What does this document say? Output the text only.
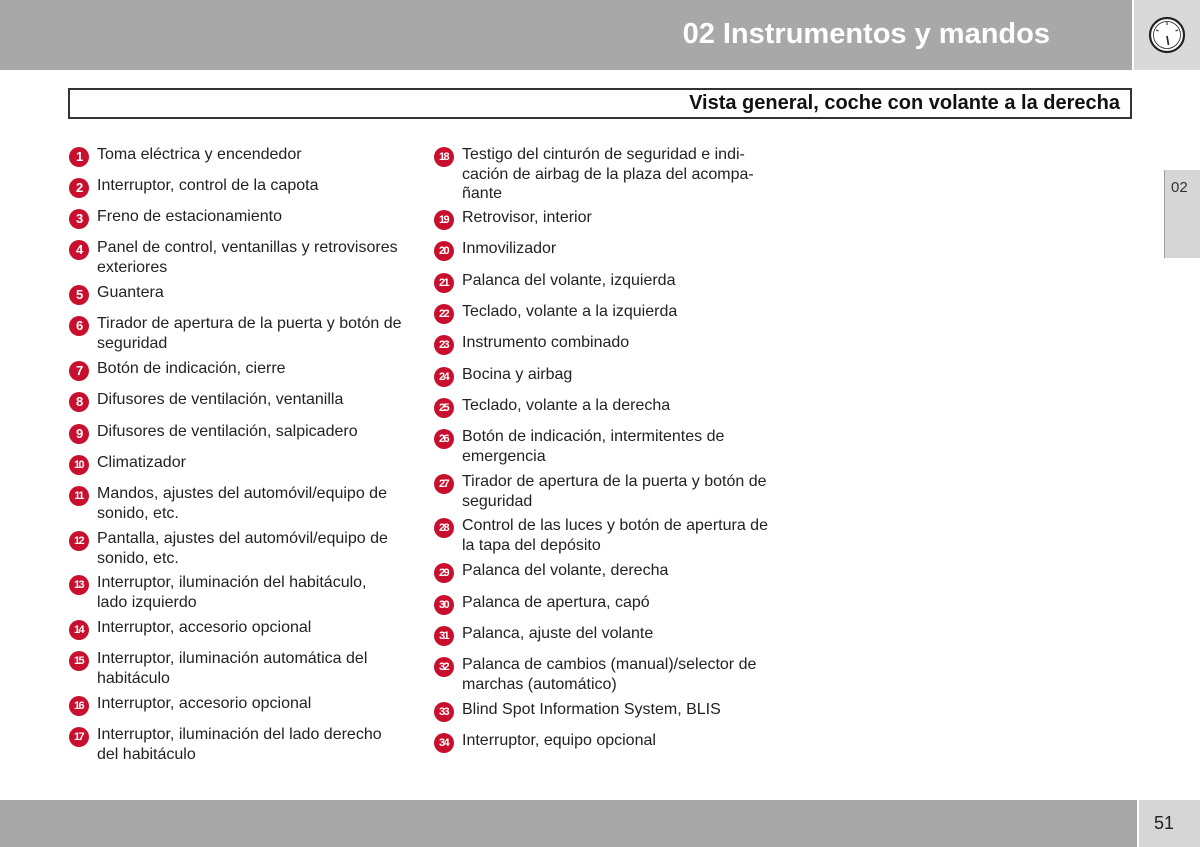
02 Instrumentos y mandos
Vista general, coche con volante a la derecha
02
1 Toma eléctrica y encendedor
2 Interruptor, control de la capota
3 Freno de estacionamiento
4 Panel de control, ventanillas y retrovisores
exteriores
5 Guantera
6 Tirador de apertura de la puerta y botón de
seguridad
7 Botón de indicación, cierre
8 Difusores de ventilación, ventanilla
9 Difusores de ventilación, salpicadero
10 Climatizador
11 Mandos, ajustes del automóvil/equipo de
sonido, etc.
12 Pantalla, ajustes del automóvil/equipo de
sonido, etc.
13 Interruptor, iluminación del habitáculo,
lado izquierdo
14 Interruptor, accesorio opcional
15 Interruptor, iluminación automática del
habitáculo
16 Interruptor, accesorio opcional
17 Interruptor, iluminación del lado derecho
del habitáculo
18 Testigo del cinturón de seguridad e indi-
cación de airbag de la plaza del acompa-
ñante
19 Retrovisor, interior
20 Inmovilizador
21 Palanca del volante, izquierda
22 Teclado, volante a la izquierda
23 Instrumento combinado
24 Bocina y airbag
25 Teclado, volante a la derecha
26 Botón de indicación, intermitentes de
emergencia
27 Tirador de apertura de la puerta y botón de
seguridad
28 Control de las luces y botón de apertura de
la tapa del depósito
29 Palanca del volante, derecha
30 Palanca de apertura, capó
31 Palanca, ajuste del volante
32 Palanca de cambios (manual)/selector de
marchas (automático)
33 Blind Spot Information System, BLIS
34 Interruptor, equipo opcional
51
